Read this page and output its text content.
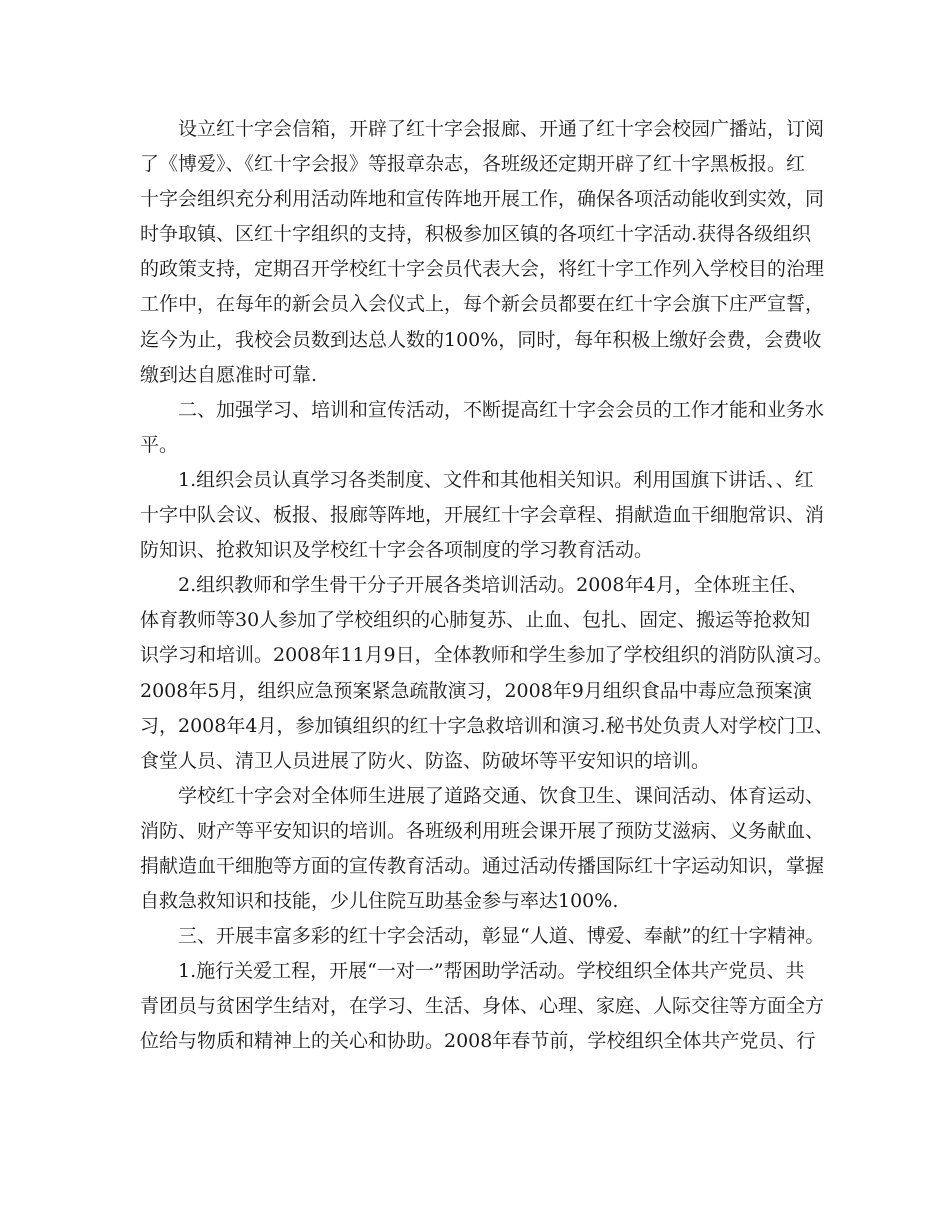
　　设立红十字会信箱，开辟了红十字会报廊、开通了红十字会校园广播站，订阅
了《博爱》、《红十字会报》等报章杂志，各班级还定期开辟了红十字黑板报。红
十字会组织充分利用活动阵地和宣传阵地开展工作，确保各项活动能收到实效，同
时争取镇、区红十字组织的支持，积极参加区镇的各项红十字活动.获得各级组织
的政策支持，定期召开学校红十字会员代表大会，将红十字工作列入学校目的治理
工作中，在每年的新会员入会仪式上，每个新会员都要在红十字会旗下庄严宣誓，
迄今为止，我校会员数到达总人数的100%，同时，每年积极上缴好会费，会费收
缴到达自愿准时可靠.
　　二、加强学习、培训和宣传活动，不断提高红十字会会员的工作才能和业务水
平。
　　1.组织会员认真学习各类制度、文件和其他相关知识。利用国旗下讲话、、红
十字中队会议、板报、报廊等阵地，开展红十字会章程、捐献造血干细胞常识、消
防知识、抢救知识及学校红十字会各项制度的学习教育活动。
　　2.组织教师和学生骨干分子开展各类培训活动。2008年4月，全体班主任、
体育教师等30人参加了学校组织的心肺复苏、止血、包扎、固定、搬运等抢救知
识学习和培训。2008年11月9日，全体教师和学生参加了学校组织的消防队演习。
2008年5月，组织应急预案紧急疏散演习，2008年9月组织食品中毒应急预案演
习，2008年4月，参加镇组织的红十字急救培训和演习.秘书处负责人对学校门卫、
食堂人员、清卫人员进展了防火、防盗、防破坏等平安知识的培训。
　　学校红十字会对全体师生进展了道路交通、饮食卫生、课间活动、体育运动、
消防、财产等平安知识的培训。各班级利用班会课开展了预防艾滋病、义务献血、
捐献造血干细胞等方面的宣传教育活动。通过活动传播国际红十字运动知识，掌握
自救急救知识和技能，少儿住院互助基金参与率达100%.
　　三、开展丰富多彩的红十字会活动，彰显“人道、博爱、奉献”的红十字精神。
　　1.施行关爱工程，开展“一对一”帮困助学活动。学校组织全体共产党员、共
青团员与贫困学生结对，在学习、生活、身体、心理、家庭、人际交往等方面全方
位给与物质和精神上的关心和协助。2008年春节前，学校组织全体共产党员、行
